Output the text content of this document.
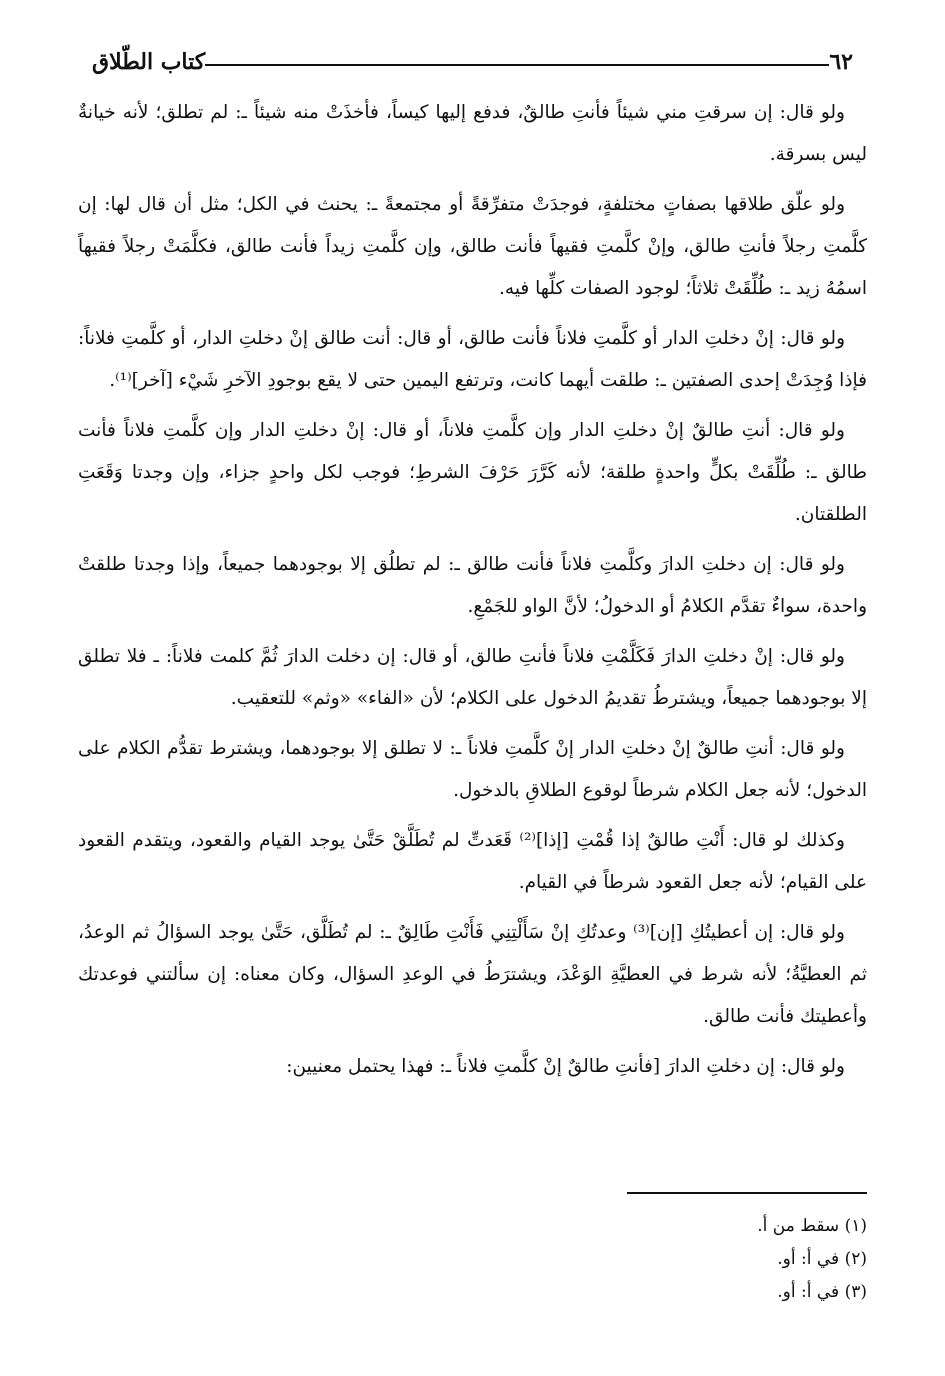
٦٢
كتاب الطّلاق

ولو قال: إن سرقتِ مني شيئاً فأنتِ طالقٌ، فدفع إليها كيساً، فأخذَتْ منه شيئاً ـ: لم تطلق؛ لأنه خيانةٌ ليس بسرقة.

ولو علّق طلاقها بصفاتٍ مختلفةٍ، فوجدَتْ متفرِّقةً أو مجتمعةً ـ: يحنث في الكل؛ مثل أن قال لها: إن كلَّمتِ رجلاً فأنتِ طالق، وإنْ كلَّمتِ فقيهاً فأنت طالق، وإن كلَّمتِ زيداً فأنت طالق، فكلَّمَتْ رجلاً فقيهاً اسمُهُ زيد ـ: طُلِّقَتْ ثلاثاً؛ لوجود الصفات كلِّها فيه.

ولو قال: إنْ دخلتِ الدار أو كلَّمتِ فلاناً فأنت طالق، أو قال: أنت طالق إنْ دخلتِ الدار، أو كلَّمتِ فلاناً: فإذا وُجِدَتْ إحدى الصفتين ـ: طلقت أيهما كانت، وترتفع اليمين حتى لا يقع بوجودِ الآخرِ شَيْء [آخر]⁽¹⁾.

ولو قال: أنتِ طالقٌ إنْ دخلتِ الدار وإن كلَّمتِ فلاناً، أو قال: إنْ دخلتِ الدار وإن كلَّمتِ فلاناً فأنت طالق ـ: طُلِّقَتْ بكلٍّ واحدةٍ طلقة؛ لأنه كَرَّرَ حَرْفَ الشرطِ؛ فوجب لكل واحدٍ جزاء، وإن وجدتا وَقَعَتِ الطلقتان.

ولو قال: إن دخلتِ الدارَ وكلَّمتِ فلاناً فأنت طالق ـ: لم تطلُق إلا بوجودهما جميعاً، وإذا وجدتا طلقتْ واحدة، سواءٌ تقدَّم الكلامُ أو الدخولُ؛ لأنَّ الواو للجَمْعِ.

ولو قال: إنْ دخلتِ الدارَ فَكَلَّمْتِ فلاناً فأنتِ طالق، أو قال: إن دخلت الدارَ ثُمَّ كلمت فلاناً: ـ فلا تطلق إلا بوجودهما جميعاً، ويشترطُ تقديمُ الدخول على الكلام؛ لأن «الفاء» «وثم» للتعقيب.

ولو قال: أنتِ طالقٌ إنْ دخلتِ الدار إنْ كلَّمتِ فلاناً ـ: لا تطلق إلا بوجودهما، ويشترط تقدُّم الكلام على الدخول؛ لأنه جعل الكلام شرطاً لوقوع الطلاقِ بالدخول.

وكذلك لو قال: أَنْتِ طالقٌ إذا قُمْتِ [إذا]⁽²⁾ قَعَدتِّ لم تُطَلَّقْ حَتَّىٰ يوجد القيام والقعود، ويتقدم القعود على القيام؛ لأنه جعل القعود شرطاً في القيام.

ولو قال: إن أعطيتُكِ [إن]⁽³⁾ وعدتُكِ إنْ سَأَلْتِنِي فَأَنْتِ طَالِقٌ ـ: لم تُطَلَّق، حَتَّىٰ يوجد السؤالُ ثم الوعدُ، ثم العطيَّةُ؛ لأنه شرط في العطيَّةِ الوَعْدَ، ويشترَطُ في الوعدِ السؤال، وكان معناه: إن سألتني فوعدتك وأعطيتك فأنت طالق.

ولو قال: إن دخلتِ الدارَ [فأنتِ طالقٌ إنْ كلَّمتِ فلاناً ـ: فهذا يحتمل معنيين:

(١) سقط من أ.
(٢) في أ: أو.
(٣) في أ: أو.
